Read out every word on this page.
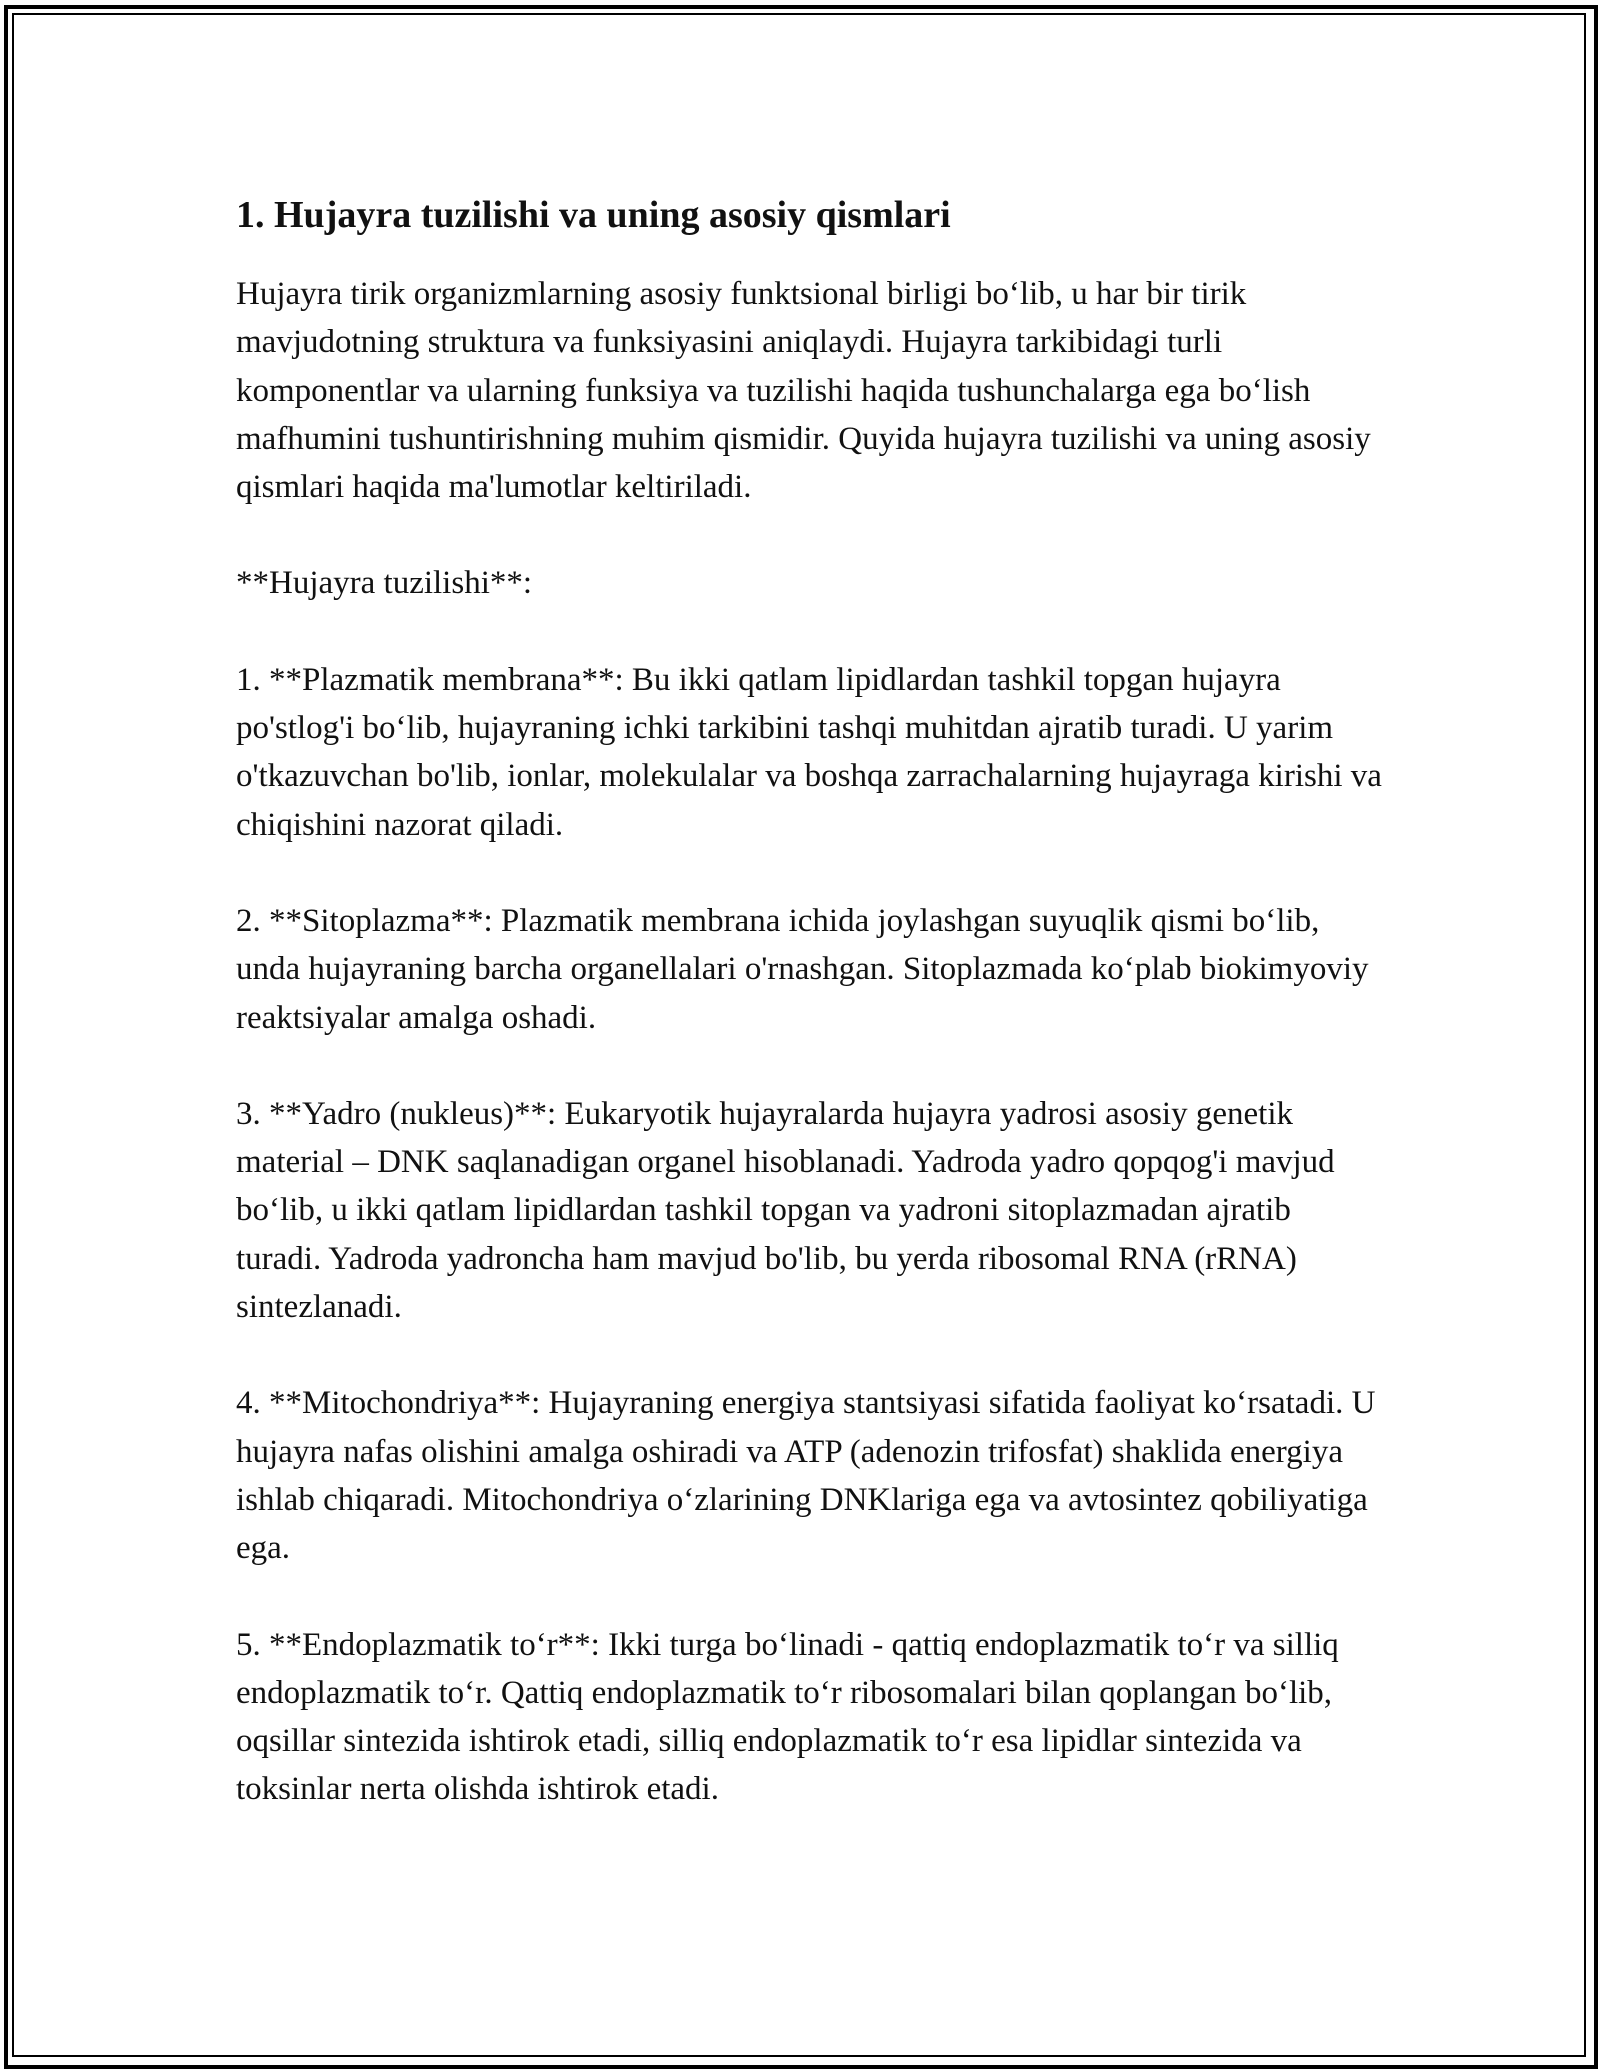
1. Hujayra tuzilishi va uning asosiy qismlari

Hujayra tirik organizmlarning asosiy funktsional birligi bo‘lib, u har bir tirik mavjudotning struktura va funksiyasini aniqlaydi. Hujayra tarkibidagi turli komponentlar va ularning funksiya va tuzilishi haqida tushunchalarga ega bo‘lish mafhumini tushuntirishning muhim qismidir. Quyida hujayra tuzilishi va uning asosiy qismlari haqida ma'lumotlar keltiriladi.

**Hujayra tuzilishi**:

1. **Plazmatik membrana**: Bu ikki qatlam lipidlardan tashkil topgan hujayra po'stlog'i bo‘lib, hujayraning ichki tarkibini tashqi muhitdan ajratib turadi. U yarim o'tkazuvchan bo'lib, ionlar, molekulalar va boshqa zarrachalarning hujayraga kirishi va chiqishini nazorat qiladi.

2. **Sitoplazma**: Plazmatik membrana ichida joylashgan suyuqlik qismi bo‘lib, unda hujayraning barcha organellalari o'rnashgan. Sitoplazmada ko‘plab biokimyoviy reaktsiyalar amalga oshadi.

3. **Yadro (nukleus)**: Eukaryotik hujayralarda hujayra yadrosi asosiy genetik material – DNK saqlanadigan organel hisoblanadi. Yadroda yadro qopqog'i mavjud bo‘lib, u ikki qatlam lipidlardan tashkil topgan va yadroni sitoplazmadan ajratib turadi. Yadroda yadroncha ham mavjud bo'lib, bu yerda ribosomal RNA (rRNA) sintezlanadi.

4. **Mitochondriya**: Hujayraning energiya stantsiyasi sifatida faoliyat ko‘rsatadi. U hujayra nafas olishini amalga oshiradi va ATP (adenozin trifosfat) shaklida energiya ishlab chiqaradi. Mitochondriya o‘zlarining DNKlariga ega va avtosintez qobiliyatiga ega.

5. **Endoplazmatik to‘r**: Ikki turga bo‘linadi - qattiq endoplazmatik to‘r va silliq endoplazmatik to‘r. Qattiq endoplazmatik to‘r ribosomalari bilan qoplangan bo‘lib, oqsillar sintezida ishtirok etadi, silliq endoplazmatik to‘r esa lipidlar sintezida va toksinlar nerta olishda ishtirok etadi.
